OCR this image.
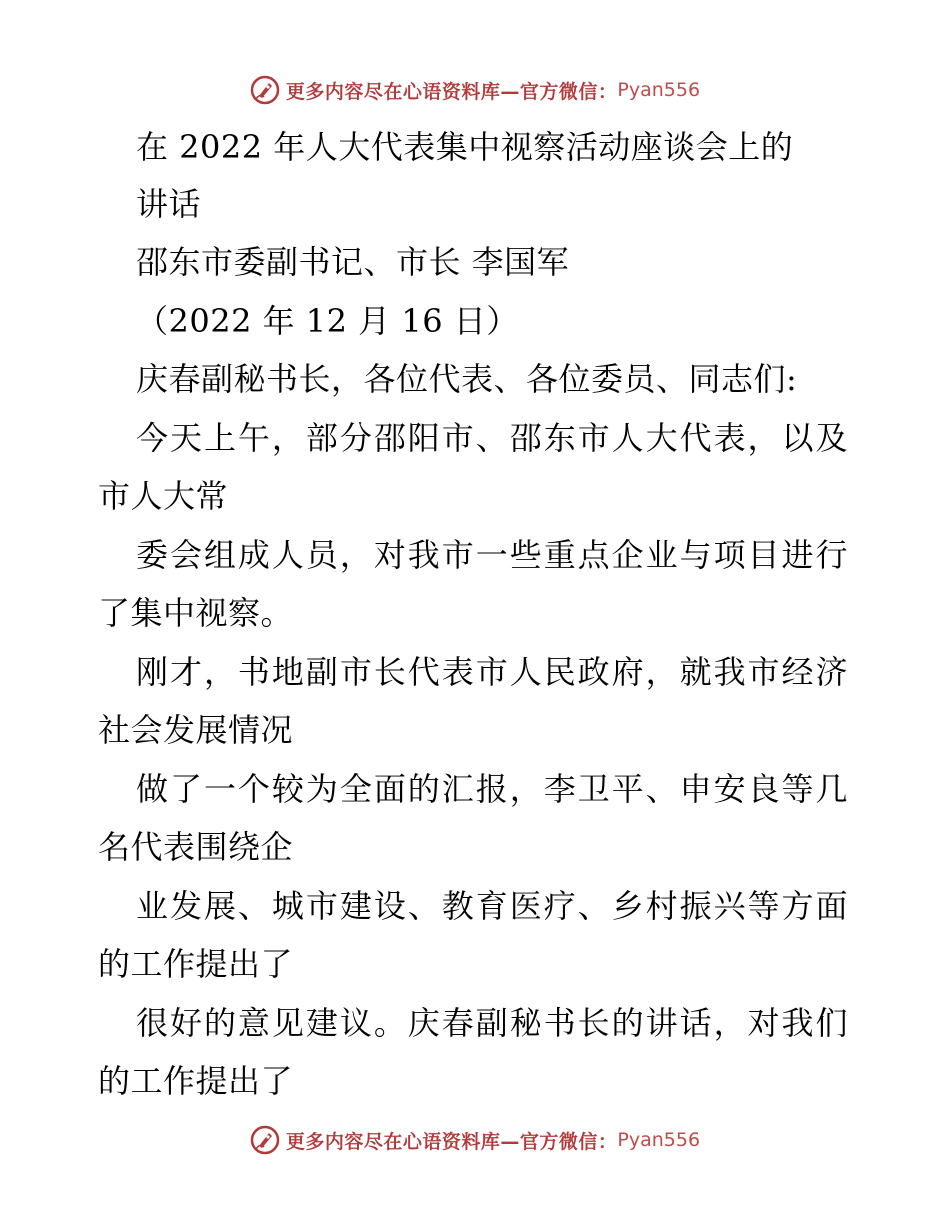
更多内容尽在心语资料库—官方微信： Pyan556
在 2022 年人大代表集中视察活动座谈会上的
讲话
邵东市委副书记、市长 李国军
（2022 年 12 月 16 日）
庆春副秘书长，各位代表、各位委员、同志们:
今天上午，部分邵阳市、邵东市人大代表，以及
市人大常
委会组成人员，对我市一些重点企业与项目进行
了集中视察。
刚才，书地副市长代表市人民政府，就我市经济
社会发展情况
做了一个较为全面的汇报，李卫平、申安良等几
名代表围绕企
业发展、城市建设、教育医疗、乡村振兴等方面
的工作提出了
很好的意见建议。庆春副秘书长的讲话，对我们
的工作提出了
更多内容尽在心语资料库—官方微信： Pyan556
